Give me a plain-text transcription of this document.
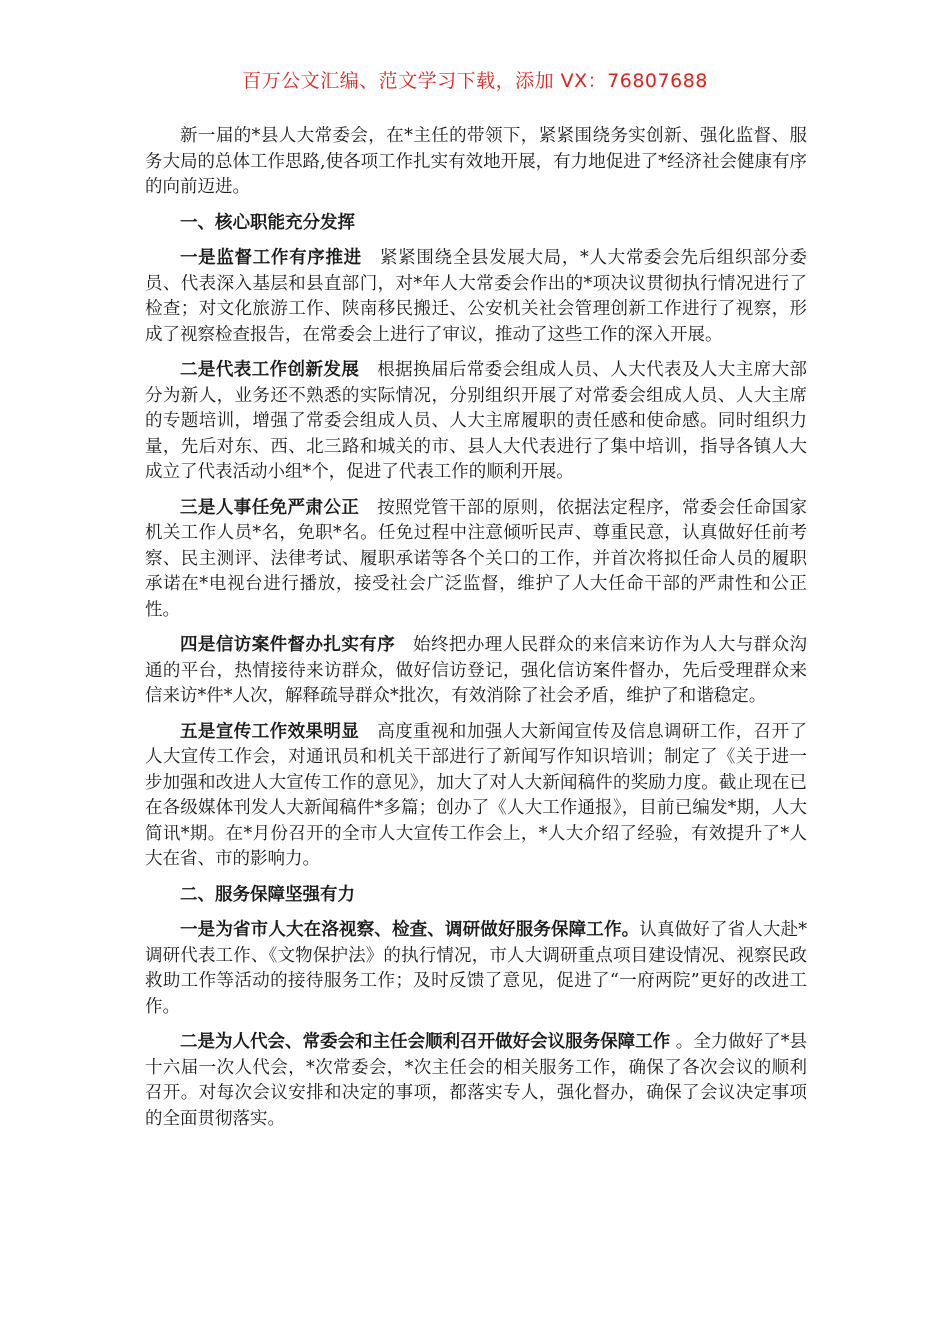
百万公文汇编、范文学习下载，添加 VX：76807688

新一届的*县人大常委会，在*主任的带领下，紧紧围绕务实创新、强化监督、服务大局的总体工作思路,使各项工作扎实有效地开展，有力地促进了*经济社会健康有序的向前迈进。

一、核心职能充分发挥

一是监督工作有序推进　紧紧围绕全县发展大局，*人大常委会先后组织部分委员、代表深入基层和县直部门，对*年人大常委会作出的*项决议贯彻执行情况进行了检查；对文化旅游工作、陕南移民搬迁、公安机关社会管理创新工作进行了视察，形成了视察检查报告，在常委会上进行了审议，推动了这些工作的深入开展。

二是代表工作创新发展　根据换届后常委会组成人员、人大代表及人大主席大部分为新人，业务还不熟悉的实际情况，分别组织开展了对常委会组成人员、人大主席的专题培训，增强了常委会组成人员、人大主席履职的责任感和使命感。同时组织力量，先后对东、西、北三路和城关的市、县人大代表进行了集中培训，指导各镇人大成立了代表活动小组*个，促进了代表工作的顺利开展。

三是人事任免严肃公正　按照党管干部的原则，依据法定程序，常委会任命国家机关工作人员*名，免职*名。任免过程中注意倾听民声、尊重民意，认真做好任前考察、民主测评、法律考试、履职承诺等各个关口的工作，并首次将拟任命人员的履职承诺在*电视台进行播放，接受社会广泛监督，维护了人大任命干部的严肃性和公正性。

四是信访案件督办扎实有序　始终把办理人民群众的来信来访作为人大与群众沟通的平台，热情接待来访群众，做好信访登记，强化信访案件督办，先后受理群众来信来访*件*人次，解释疏导群众*批次，有效消除了社会矛盾，维护了和谐稳定。

五是宣传工作效果明显　高度重视和加强人大新闻宣传及信息调研工作，召开了人大宣传工作会，对通讯员和机关干部进行了新闻写作知识培训；制定了《关于进一步加强和改进人大宣传工作的意见》，加大了对人大新闻稿件的奖励力度。截止现在已在各级媒体刊发人大新闻稿件*多篇；创办了《人大工作通报》，目前已编发*期，人大简讯*期。在*月份召开的全市人大宣传工作会上，*人大介绍了经验，有效提升了*人大在省、市的影响力。

二、服务保障坚强有力

一是为省市人大在洛视察、检查、调研做好服务保障工作。认真做好了省人大赴*调研代表工作、《文物保护法》的执行情况，市人大调研重点项目建设情况、视察民政救助工作等活动的接待服务工作；及时反馈了意见，促进了“一府两院”更好的改进工作。

二是为人代会、常委会和主任会顺利召开做好会议服务保障工作 。全力做好了*县十六届一次人代会，*次常委会，*次主任会的相关服务工作，确保了各次会议的顺利召开。对每次会议安排和决定的事项，都落实专人，强化督办，确保了会议决定事项的全面贯彻落实。
